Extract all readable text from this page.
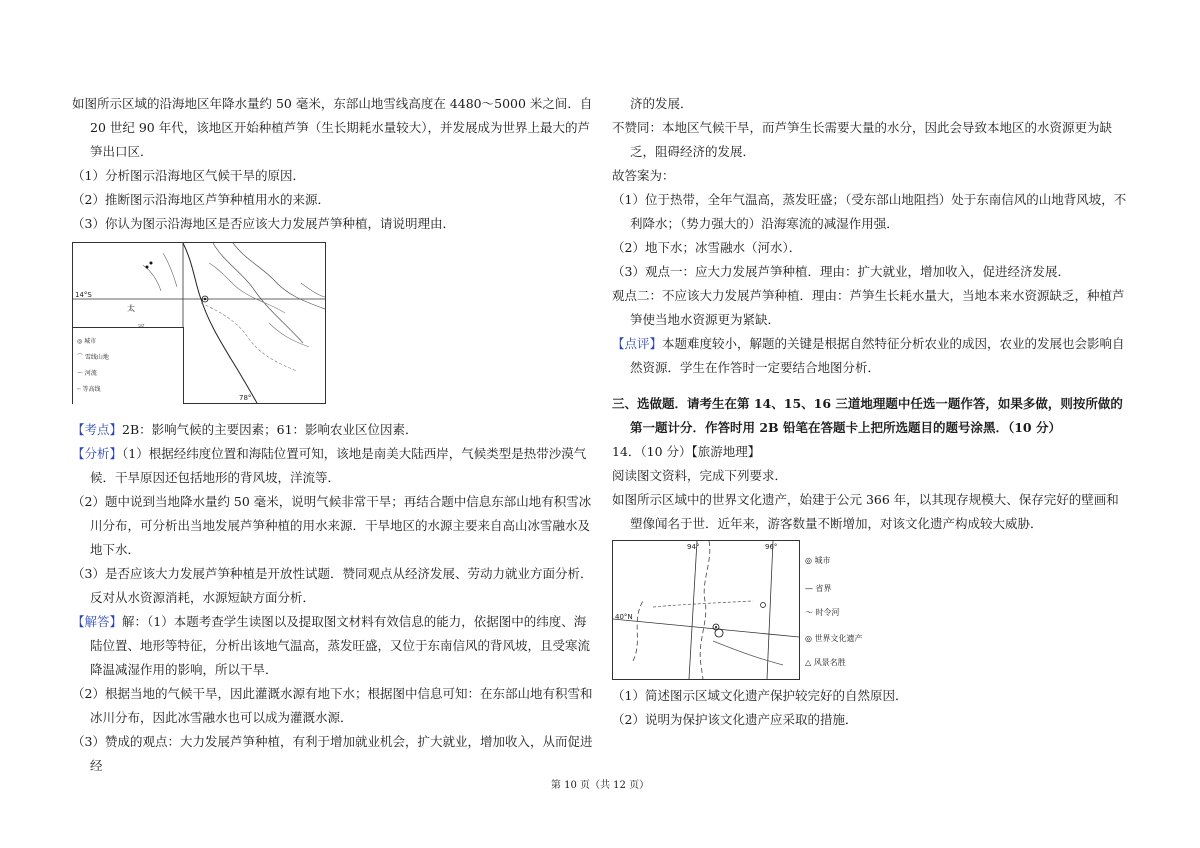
如图所示区域的沿海地区年降水量约 50 毫米，东部山地雪线高度在 4480～5000 米之间．自 20 世纪 90 年代，该地区开始种植芦笋（生长期耗水量较大），并发展成为世界上最大的芦笋出口区．

（1）分析图示沿海地区气候干旱的原因．

（2）推断图示沿海地区芦笋种植用水的来源．

（3）你认为图示沿海地区是否应该大力发展芦笋种植，请说明理由．

14°S
78°
太
◎ 城市
⌒ 雪线山地
～ 河流
┄ 等高线

【考点】2B：影响气候的主要因素；61：影响农业区位因素．

【分析】（1）根据经纬度位置和海陆位置可知，该地是南美大陆西岸，气候类型是热带沙漠气候．干旱原因还包括地形的背风坡，洋流等．

（2）题中说到当地降水量约 50 毫米，说明气候非常干旱；再结合题中信息东部山地有积雪冰川分布，可分析出当地发展芦笋种植的用水来源．干旱地区的水源主要来自高山冰雪融水及地下水．

（3）是否应该大力发展芦笋种植是开放性试题．赞同观点从经济发展、劳动力就业方面分析．反对从水资源消耗，水源短缺方面分析．

【解答】解：（1）本题考查学生读图以及提取图文材料有效信息的能力，依据图中的纬度、海陆位置、地形等特征，分析出该地气温高，蒸发旺盛，又位于东南信风的背风坡，且受寒流降温减湿作用的影响，所以干旱．

（2）根据当地的气候干旱，因此灌溉水源有地下水；根据图中信息可知：在东部山地有积雪和冰川分布，因此冰雪融水也可以成为灌溉水源．

（3）赞成的观点：大力发展芦笋种植，有利于增加就业机会，扩大就业，增加收入，从而促进经

济的发展．

不赞同：本地区气候干旱，而芦笋生长需要大量的水分，因此会导致本地区的水资源更为缺乏，阻碍经济的发展．

故答案为：

（1）位于热带，全年气温高，蒸发旺盛；（受东部山地阻挡）处于东南信风的山地背风坡，不利降水；（势力强大的）沿海寒流的减湿作用强．

（2）地下水；冰雪融水（河水）．

（3）观点一：应大力发展芦笋种植．理由：扩大就业，增加收入，促进经济发展．

观点二：不应该大力发展芦笋种植．理由：芦笋生长耗水量大，当地本来水资源缺乏，种植芦笋使当地水资源更为紧缺．

【点评】本题难度较小，解题的关键是根据自然特征分析农业的成因，农业的发展也会影响自然资源．学生在作答时一定要结合地图分析．

三、选做题．请考生在第 14、15、16 三道地理题中任选一题作答，如果多做，则按所做的第一题计分．作答时用 2B 铅笔在答题卡上把所选题目的题号涂黑．（10 分）

14．（10 分）【旅游地理】

阅读图文资料，完成下列要求．

如图所示区域中的世界文化遗产，始建于公元 366 年，以其现存规模大、保存完好的壁画和塑像闻名于世．近年来，游客数量不断增加，对该文化遗产构成较大威胁．

94°	96°
40°N
◎ 城市
— 省界
～ 时令河
◎ 世界文化遗产
△ 风景名胜

（1）简述图示区域文化遗产保护较完好的自然原因．

（2）说明为保护该文化遗产应采取的措施．

第 10 页（共 12 页）
